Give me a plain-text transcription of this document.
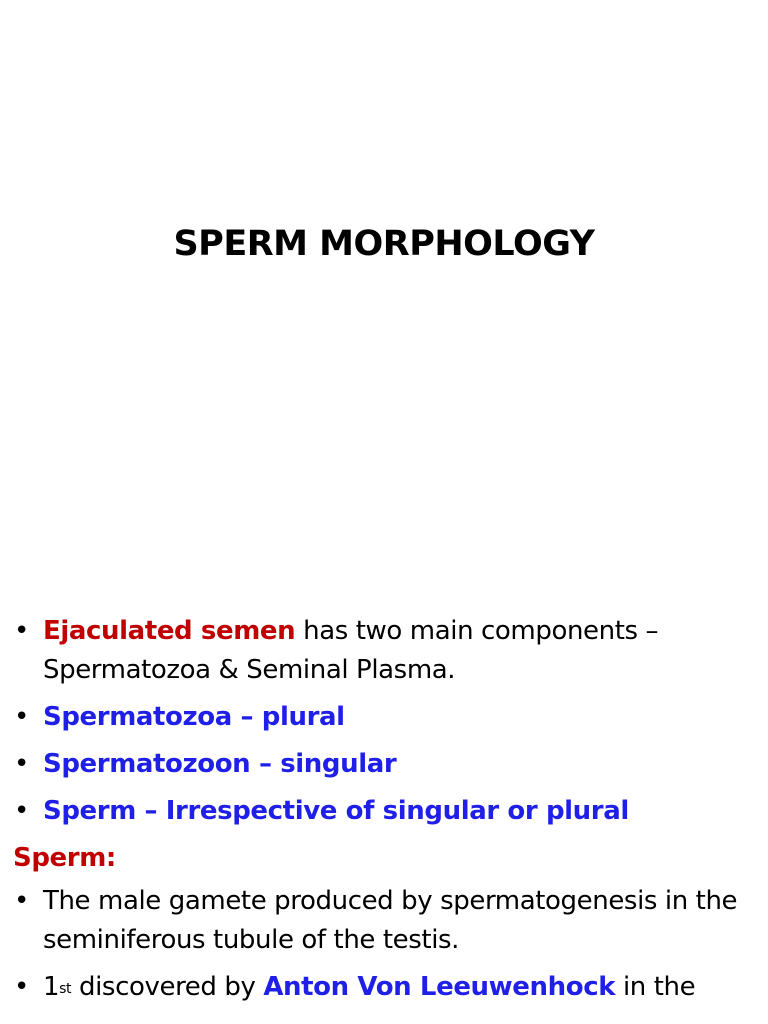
SPERM MORPHOLOGY
• Ejaculated semen has two main components – Spermatozoa & Seminal Plasma.
• Spermatozoa – plural
• Spermatozoon – singular
• Sperm – Irrespective of singular or plural
Sperm:
• The male gamete produced by spermatogenesis in the seminiferous tubule of the testis.
• 1st discovered by Anton Von Leeuwenhock in the
